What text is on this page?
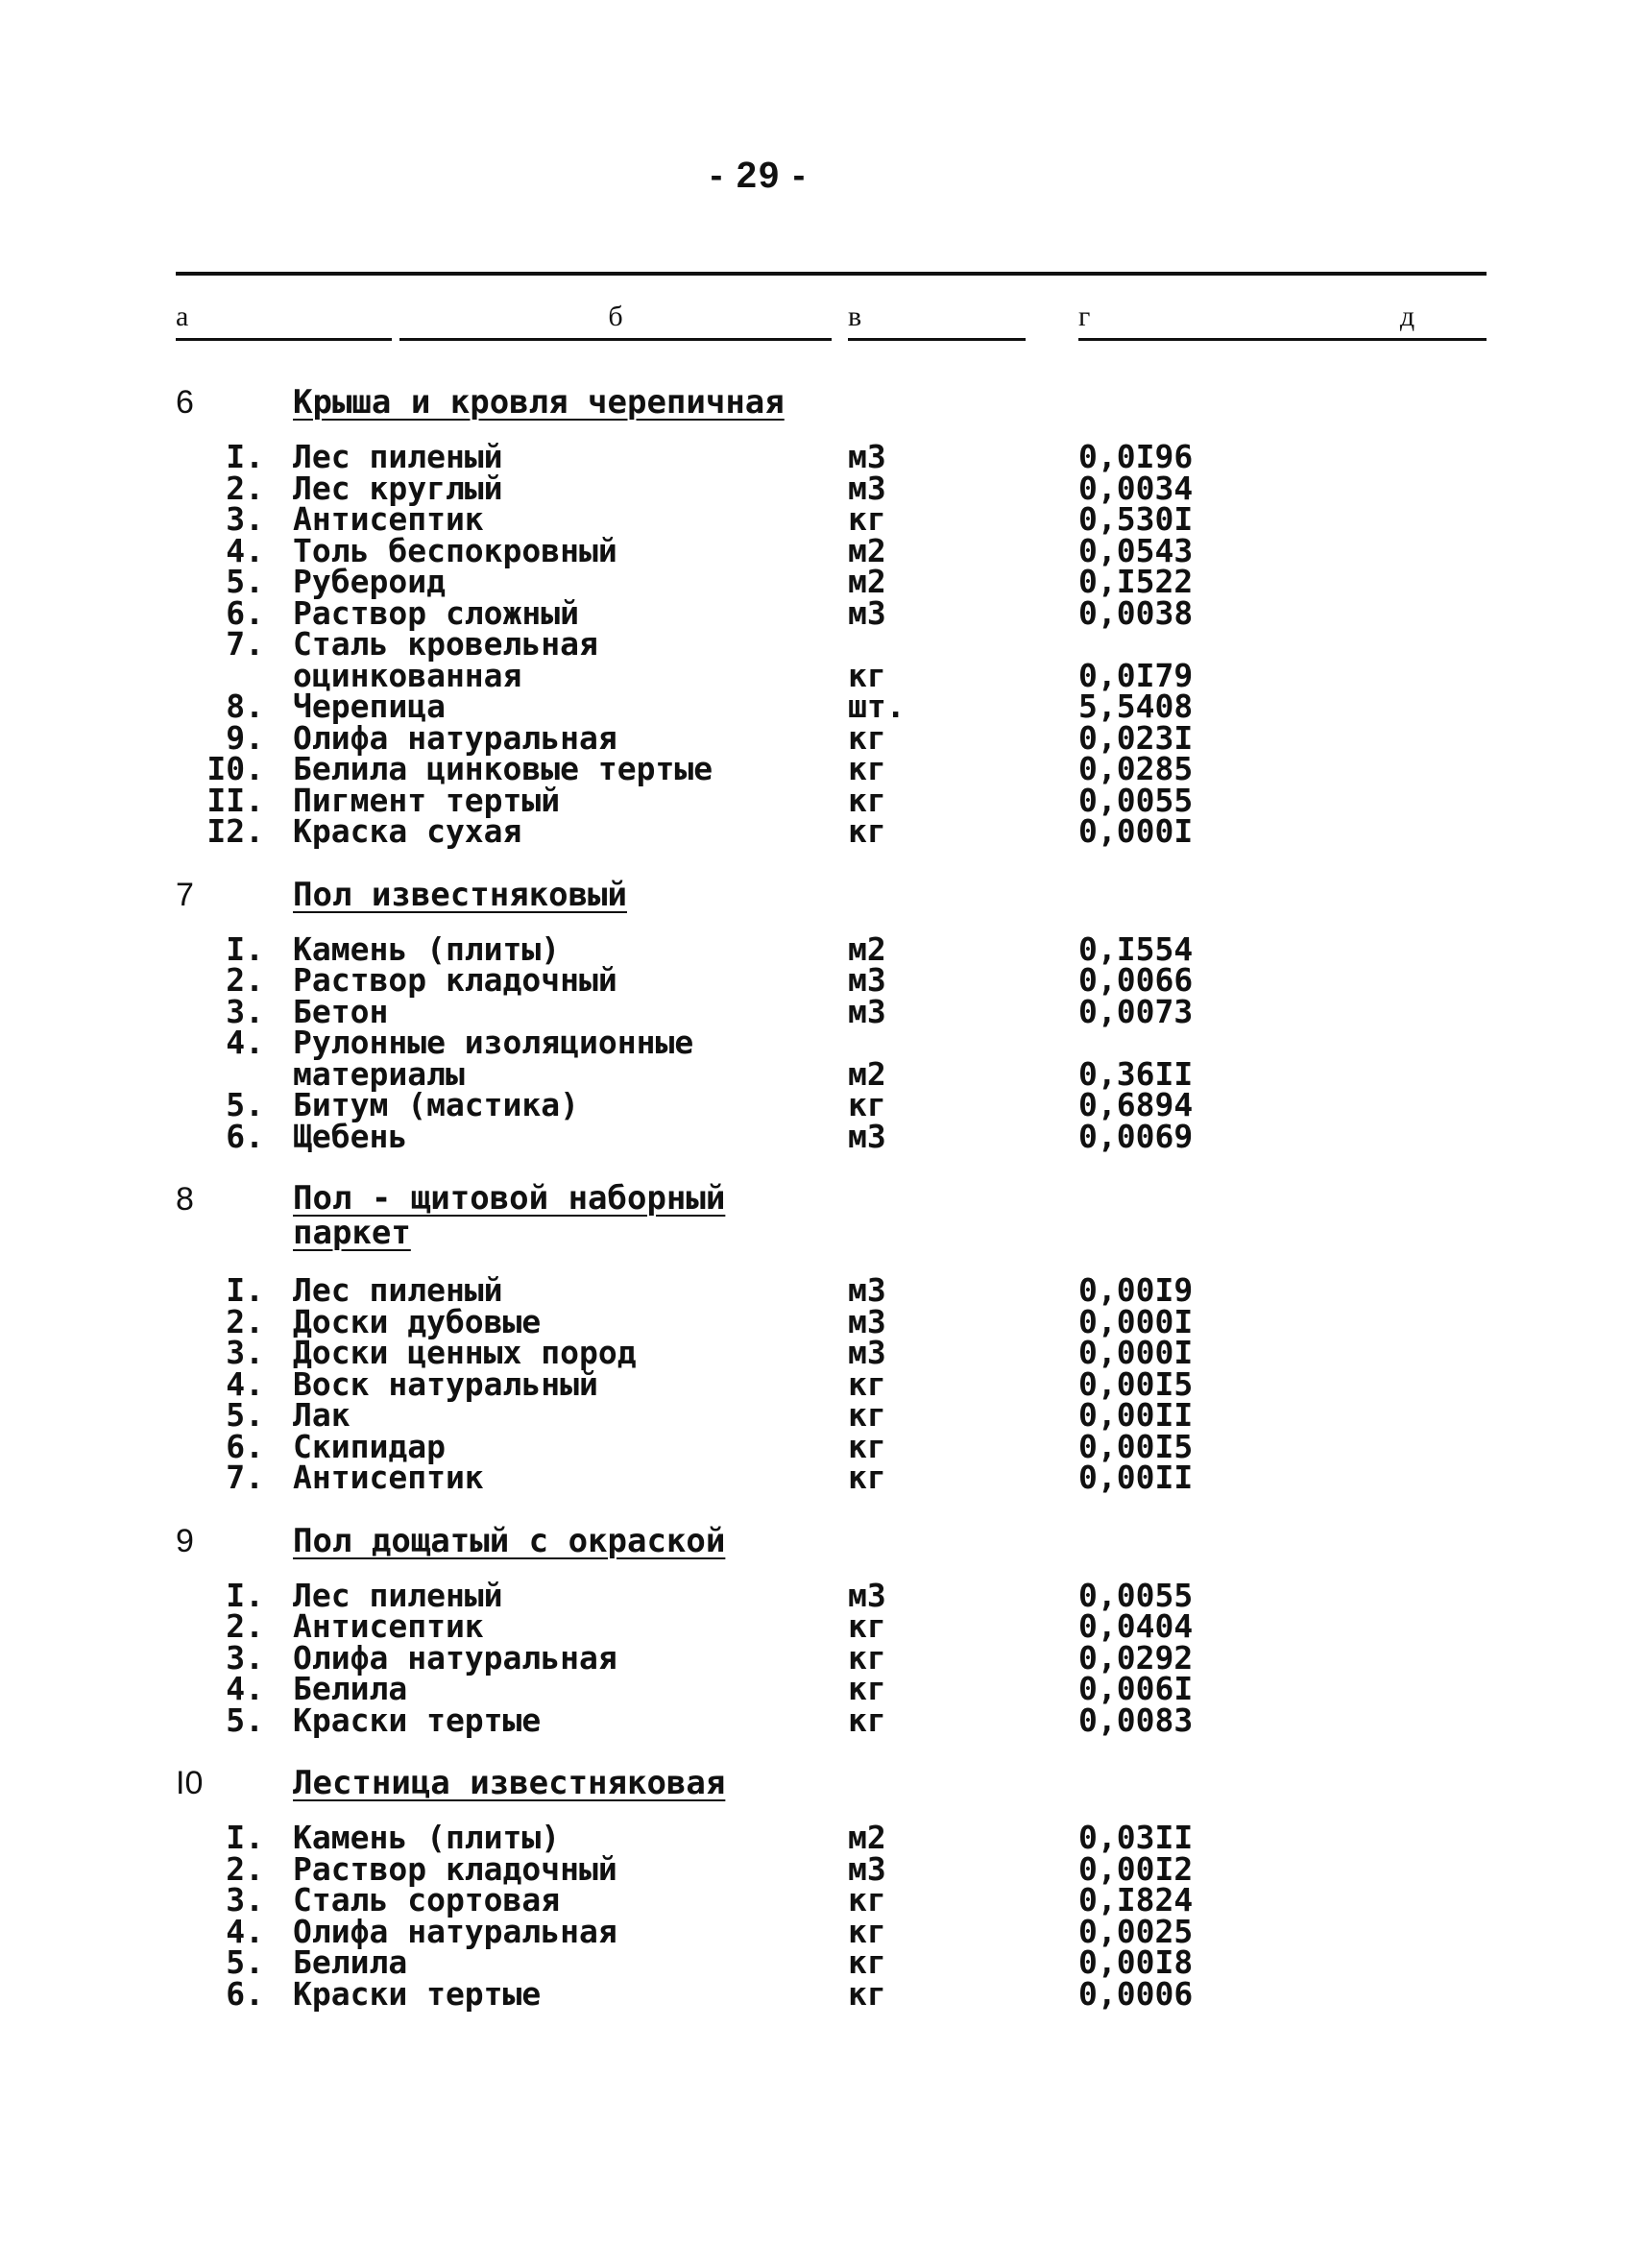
- 29 -
а	б	в	г	д
6	Крыша и кровля черепичная
I. Лес пиленый	м3	0,0I96
2. Лес круглый	м3	0,0034
3. Антисептик	кг	0,530I
4. Толь беспокровный	м2	0,0543
5. Рубероид	м2	0,I522
6. Раствор сложный	м3	0,0038
7. Сталь кровельная
оцинкованная	кг	0,0I79
8. Черепица	шт.	5,5408
9. Олифа натуральная	кг	0,023I
I0. Белила цинковые тертые	кг	0,0285
II. Пигмент тертый	кг	0,0055
I2. Краска сухая	кг	0,000I
7	Пол известняковый
I. Камень (плиты)	м2	0,I554
2. Раствор кладочный	м3	0,0066
3. Бетон	м3	0,0073
4. Рулонные изоляционные
материалы	м2	0,36II
5. Битум (мастика)	кг	0,6894
6. Щебень	м3	0,0069
8	Пол - щитовой наборный паркет
I. Лес пиленый	м3	0,00I9
2. Доски дубовые	м3	0,000I
3. Доски ценных пород	м3	0,000I
4. Воск натуральный	кг	0,00I5
5. Лак	кг	0,00II
6. Скипидар	кг	0,00I5
7. Антисептик	кг	0,00II
9	Пол дощатый с окраской
I. Лес пиленый	м3	0,0055
2. Антисептик	кг	0,0404
3. Олифа натуральная	кг	0,0292
4. Белила	кг	0,006I
5. Краски тертые	кг	0,0083
I0	Лестница известняковая
I. Камень (плиты)	м2	0,03II
2. Раствор кладочный	м3	0,00I2
3. Сталь сортовая	кг	0,I824
4. Олифа натуральная	кг	0,0025
5. Белила	кг	0,00I8
6. Краски тертые	кг	0,0006
